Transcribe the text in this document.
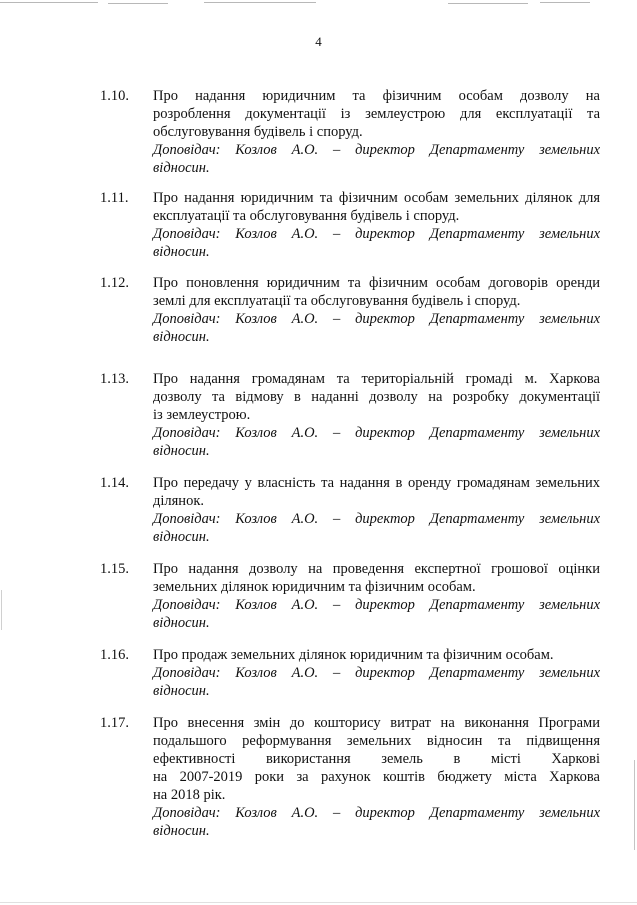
4
1.10. Про надання юридичним та фізичним особам дозволу на

розроблення документації із землеустрою для експлуатації та

обслуговування будівель і споруд.

Доповідач: Козлов А.О. – директор Департаменту земельних

відносин.

1.11. Про надання юридичним та фізичним особам земельних ділянок для

експлуатації та обслуговування будівель і споруд.

Доповідач: Козлов А.О. – директор Департаменту земельних

відносин.

1.12. Про поновлення юридичним та фізичним особам договорів оренди

землі для експлуатації та обслуговування будівель і споруд.

Доповідач: Козлов А.О. – директор Департаменту земельних

відносин.

1.13. Про надання громадянам та територіальній громаді м. Харкова

дозволу та відмову в наданні дозволу на розробку документації

із землеустрою.

Доповідач: Козлов А.О. – директор Департаменту земельних

відносин.

1.14. Про передачу у власність та надання в оренду громадянам земельних

ділянок.

Доповідач: Козлов А.О. – директор Департаменту земельних

відносин.

1.15. Про надання дозволу на проведення експертної грошової оцінки

земельних ділянок юридичним та фізичним особам.

Доповідач: Козлов А.О. – директор Департаменту земельних

відносин.

1.16. Про продаж земельних ділянок юридичним та фізичним особам.

Доповідач: Козлов А.О. – директор Департаменту земельних

відносин.

1.17. Про внесення змін до кошторису витрат на виконання Програми

подальшого реформування земельних відносин та підвищення

ефективності використання земель в місті Харкові

на 2007-2019 роки за рахунок коштів бюджету міста Харкова

на 2018 рік.

Доповідач: Козлов А.О. – директор Департаменту земельних

відносин.
